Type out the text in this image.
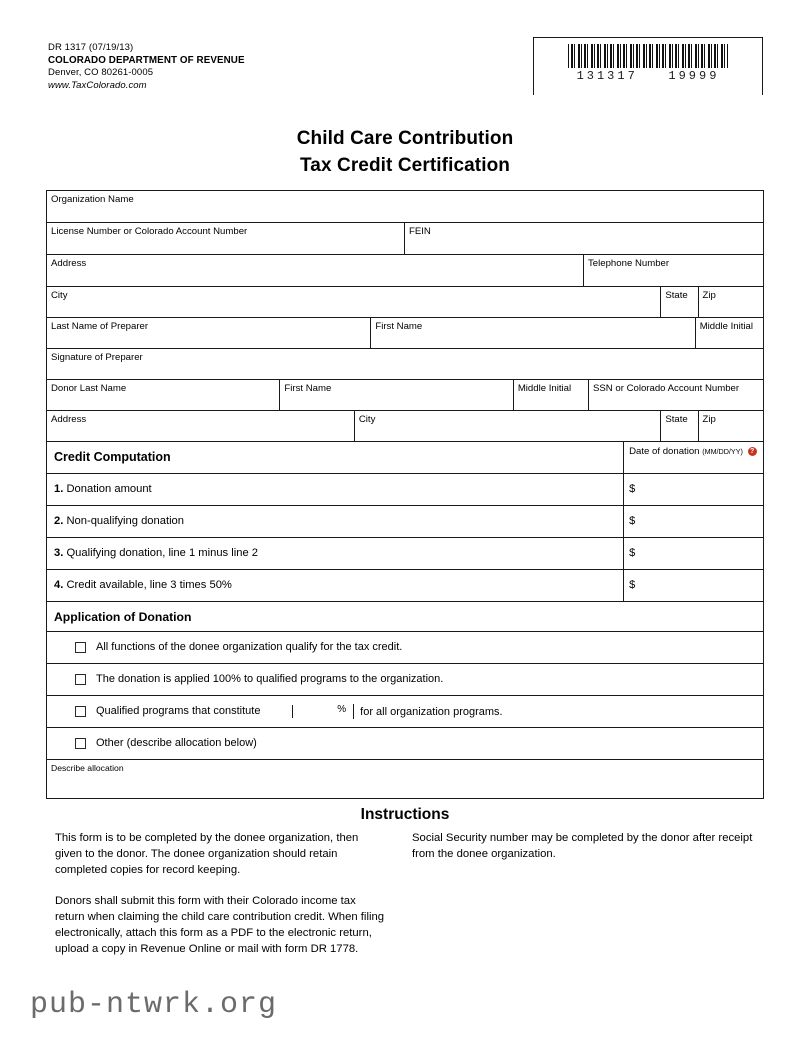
DR 1317 (07/19/13)
COLORADO DEPARTMENT OF REVENUE
Denver, CO 80261-0005
www.TaxColorado.com
131317   19999
Child Care Contribution
Tax Credit Certification
Organization Name
License Number or Colorado Account Number	FEIN
Address	Telephone Number
City	State	Zip
Last Name of Preparer	First Name	Middle Initial
Signature of Preparer
Donor Last Name	First Name	Middle Initial	SSN or Colorado Account Number
Address	City	State	Zip
Credit Computation	Date of donation (MM/DD/YY) ?
1. Donation amount	$
2. Non-qualifying donation	$
3. Qualifying donation, line 1 minus line 2	$
4. Credit available, line 3 times 50%	$
Application of Donation
All functions of the donee organization qualify for the tax credit.
The donation is applied 100% to qualified programs to the organization.
Qualified programs that constitute	%	for all organization programs.
Other (describe allocation below)
Describe allocation
Instructions

This form is to be completed by the donee organization, then given to the donor. The donee organization should retain completed copies for record keeping.

Donors shall submit this form with their Colorado income tax return when claiming the child care contribution credit. When filing electronically, attach this form as a PDF to the electronic return, upload a copy in Revenue Online or mail with form DR 1778.

Social Security number may be completed by the donor after receipt from the donee organization.

pub-ntwrk.org
